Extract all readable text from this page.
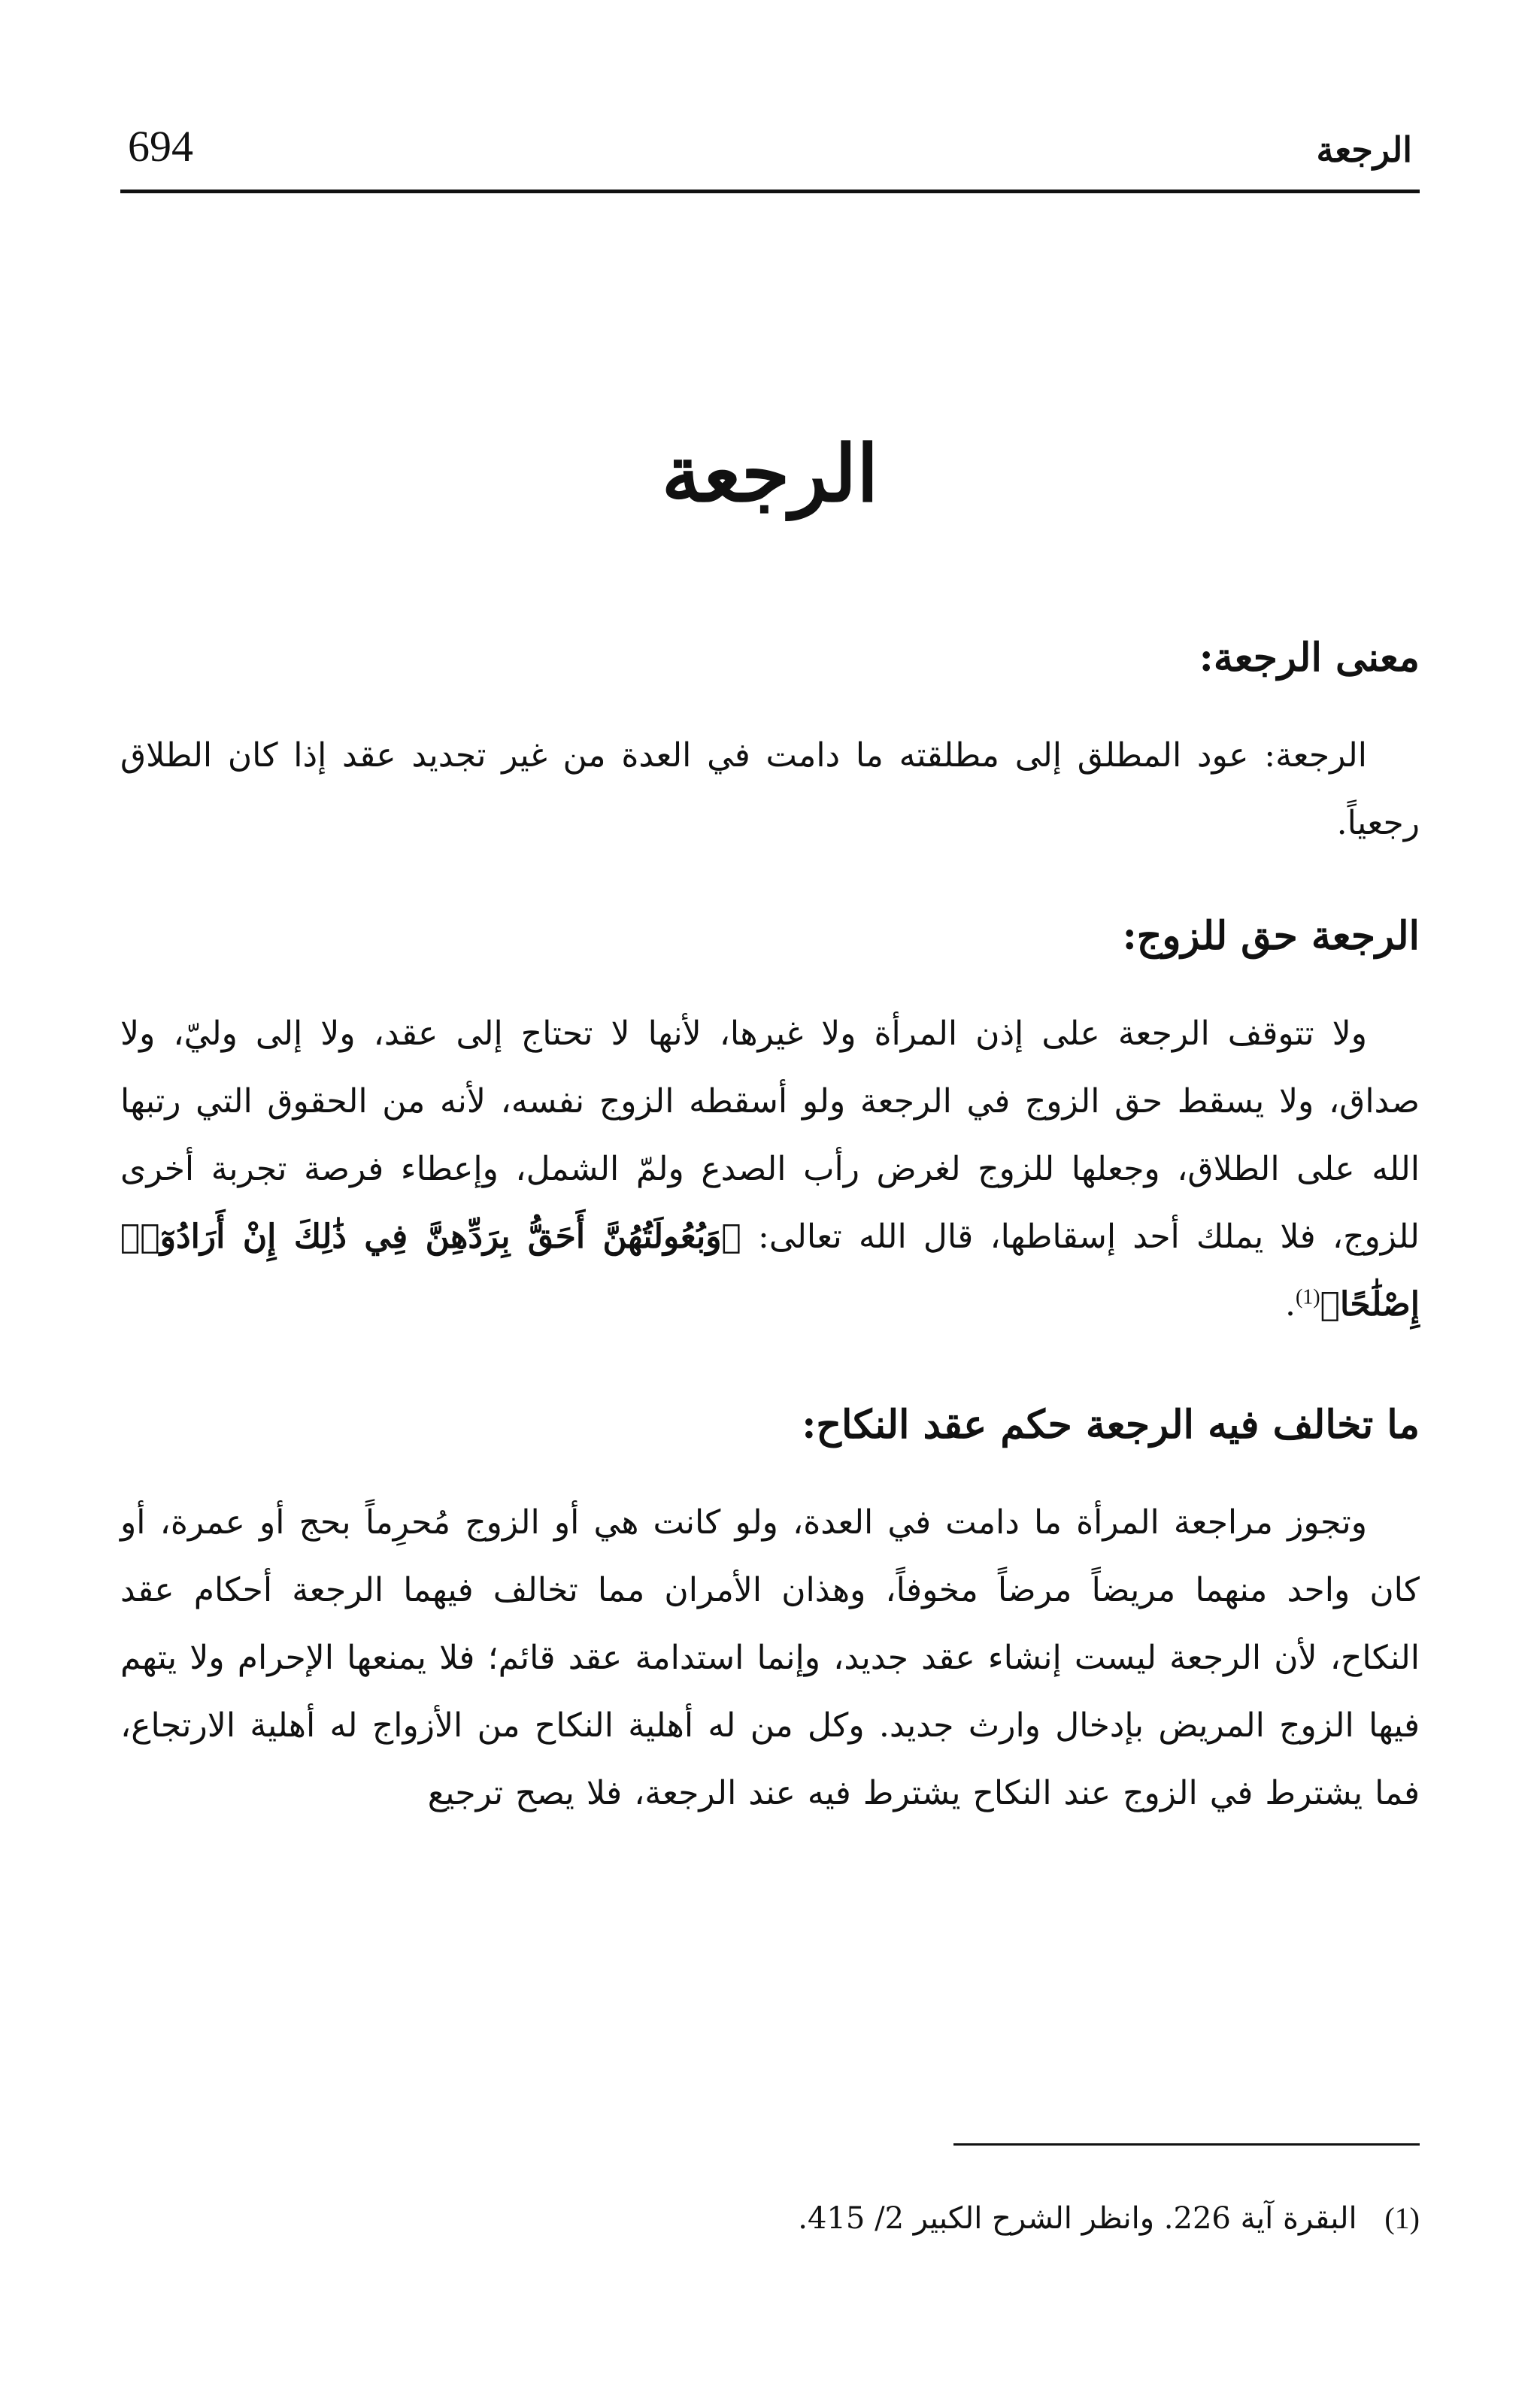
694	الرجعة
الرجعة
معنى الرجعة:

الرجعة: عود المطلق إلى مطلقته ما دامت في العدة من غير تجديد عقد إذا كان الطلاق رجعياً.

الرجعة حق للزوج:

ولا تتوقف الرجعة على إذن المرأة ولا غيرها، لأنها لا تحتاج إلى عقد، ولا إلى وليّ، ولا صداق، ولا يسقط حق الزوج في الرجعة ولو أسقطه الزوج نفسه، لأنه من الحقوق التي رتبها الله على الطلاق، وجعلها للزوج لغرض رأب الصدع ولمّ الشمل، وإعطاء فرصة تجربة أخرى للزوج، فلا يملك أحد إسقاطها، قال الله تعالى: ﴿وَبُعُولَتُهُنَّ أَحَقُّ بِرَدِّهِنَّ فِي ذَٰلِكَ إِنْ أَرَادُوٓا۟ إِصْلَٰحًا﴾$^{(1)}$.

ما تخالف فيه الرجعة حكم عقد النكاح:

وتجوز مراجعة المرأة ما دامت في العدة، ولو كانت هي أو الزوج مُحرِماً بحج أو عمرة، أو كان واحد منهما مريضاً مرضاً مخوفاً، وهذان الأمران مما تخالف فيهما الرجعة أحكام عقد النكاح، لأن الرجعة ليست إنشاء عقد جديد، وإنما استدامة عقد قائم؛ فلا يمنعها الإحرام ولا يتهم فيها الزوج المريض بإدخال وارث جديد. وكل من له أهلية النكاح من الأزواج له أهلية الارتجاع، فما يشترط في الزوج عند النكاح يشترط فيه عند الرجعة، فلا يصح ترجيع

(1) البقرة آية 226. وانظر الشرح الكبير 2/ 415.
